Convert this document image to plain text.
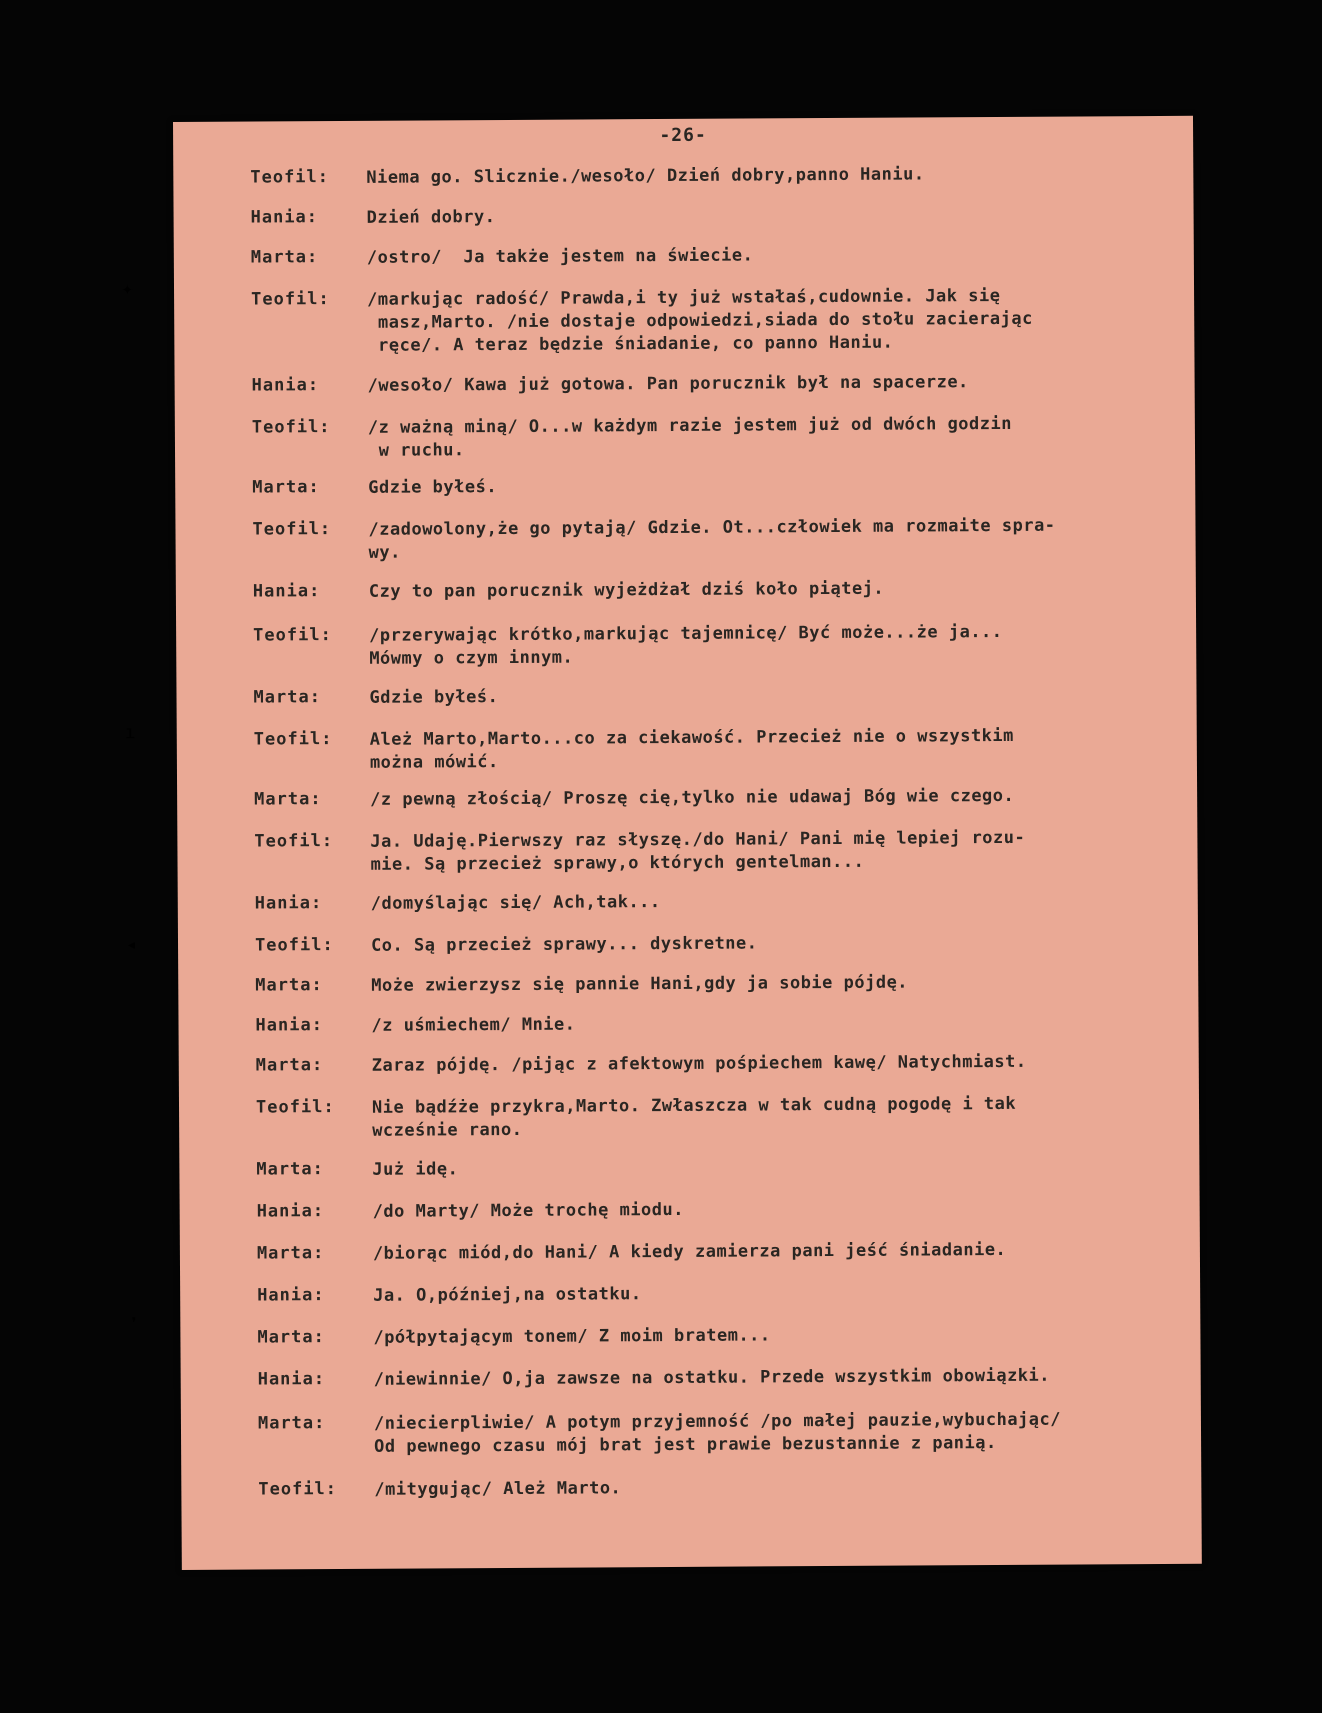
-26-
Teofil:	Niema go. Slicznie./wesoło/ Dzień dobry,panno Haniu.
Hania:	Dzień dobry.
Marta:	/ostro/  Ja także jestem na świecie.
✦	Teofil:	/markując radość/ Prawda,i ty już wstałaś,cudownie. Jak się
masz,Marto. /nie dostaje odpowiedzi,siada do stołu zacierając
ręce/. A teraz będzie śniadanie, co panno Haniu.
Hania:	/wesoło/ Kawa już gotowa. Pan porucznik był na spacerze.
Teofil:	/z ważną miną/ O...w każdym razie jestem już od dwóch godzin
w ruchu.
Marta:	Gdzie byłeś.
Teofil:	/zadowolony,że go pytają/ Gdzie. Ot...człowiek ma rozmaite spra-
wy.
Hania:	Czy to pan porucznik wyjeżdżał dziś koło piątej.
Teofil:	/przerywając krótko,markując tajemnicę/ Być może...że ja...
Mówmy o czym innym.
Marta:	Gdzie byłeś.
ı	Teofil:	Ależ Marto,Marto...co za ciekawość. Przecież nie o wszystkim
można mówić.
Marta:	/z pewną złością/ Proszę cię,tylko nie udawaj Bóg wie czego.
Teofil:	Ja. Udaję.Pierwszy raz słyszę./do Hani/ Pani mię lepiej rozu-
mie. Są przecież sprawy,o których gentelman...
Hania:	/domyślając się/ Ach,tak...
◂	Teofil:	Co. Są przecież sprawy... dyskretne.
Marta:	Może zwierzysz się pannie Hani,gdy ja sobie pójdę.
Hania:	/z uśmiechem/ Mnie.
Marta:	Zaraz pójdę. /pijąc z afektowym pośpiechem kawę/ Natychmiast.
Teofil:	Nie bądźże przykra,Marto. Zwłaszcza w tak cudną pogodę i tak
wcześnie rano.
Marta:	Już idę.
Hania:	/do Marty/ Może trochę miodu.
Marta:	/biorąc miód,do Hani/ A kiedy zamierza pani jeść śniadanie.
Hania:	Ja. O,później,na ostatku.
❜
Marta:	/półpytającym tonem/ Z moim bratem...
Hania:	/niewinnie/ O,ja zawsze na ostatku. Przede wszystkim obowiązki.
Marta:	/niecierpliwie/ A potym przyjemność /po małej pauzie,wybuchając/
Od pewnego czasu mój brat jest prawie bezustannie z panią.
Teofil:	/mitygując/ Ależ Marto.
